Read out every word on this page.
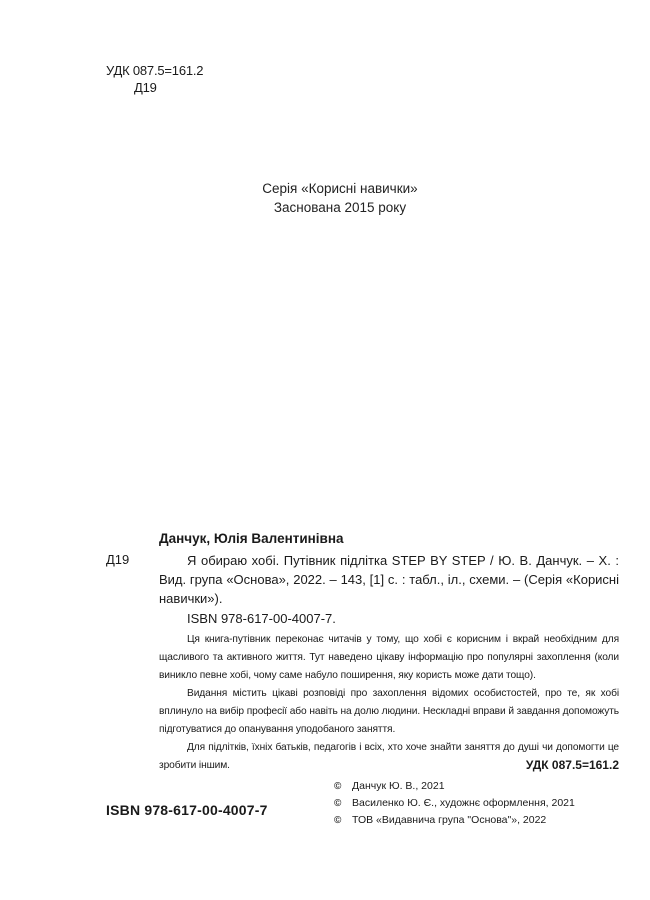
УДК 087.5=161.2
Д19
Серія «Корисні навички»
Заснована 2015 року
Данчук, Юлія Валентинівна
Д19	Я обираю хобі. Путівник підлітка STEP BY STEP / Ю. В. Данчук. – Х. : Вид. група «Основа», 2022. – 143, [1] с. : табл., іл., схеми. – (Серія «Корисні навички»).

ISBN 978-617-00-4007-7.

Ця книга-путівник переконає читачів у тому, що хобі є корисним і вкрай необхідним для щасливого та активного життя. Тут наведено цікаву інформацію про популярні захоплення (коли виникло певне хобі, чому саме набуло поширення, яку користь може дати тощо).

Видання містить цікаві розповіді про захоплення відомих особистостей, про те, як хобі вплинуло на вибір професії або навіть на долю людини. Нескладні вправи й завдання допоможуть підготуватися до опанування уподобаного заняття.

Для підлітків, їхніх батьків, педагогів і всіх, хто хоче знайти заняття до душі чи допомогти це зробити іншим.	УДК 087.5=161.2
ISBN 978-617-00-4007-7
©	Данчук Ю. В., 2021
©	Василенко Ю. Є., художнє оформлення, 2021
©	ТОВ «Видавнича група "Основа"», 2022
